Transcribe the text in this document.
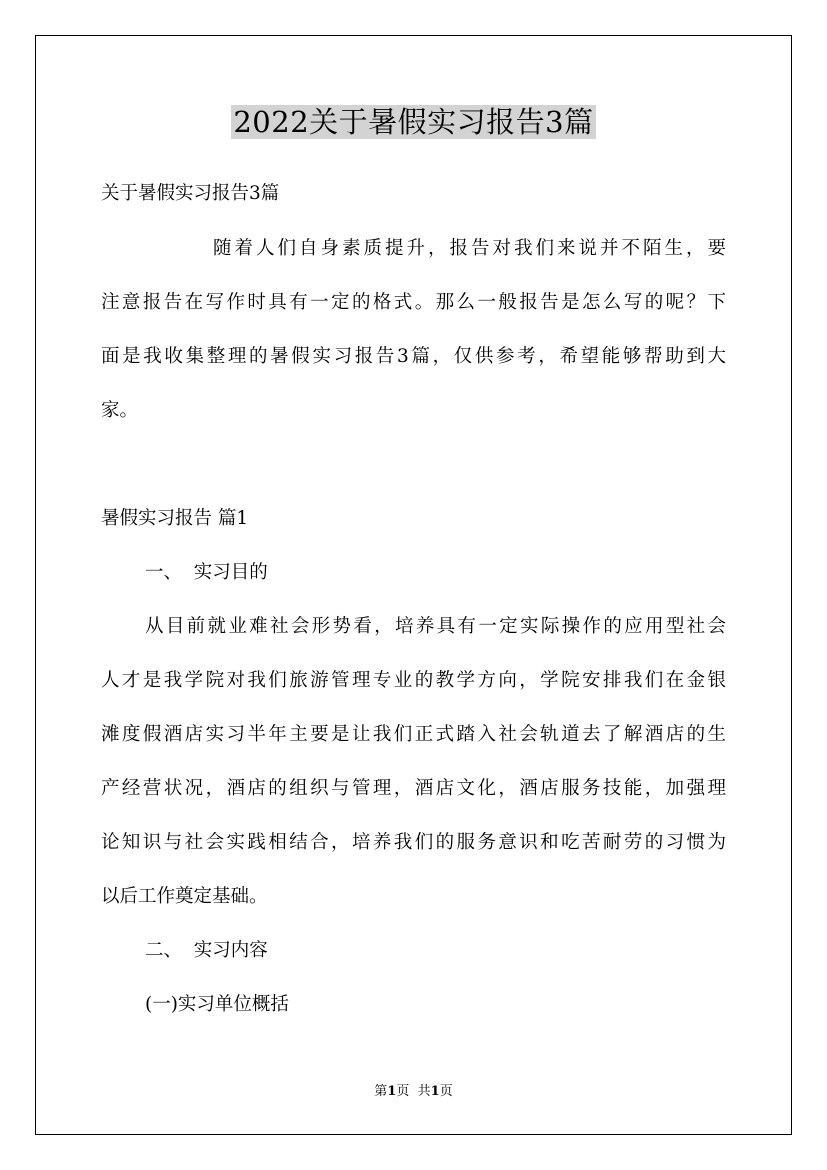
2022关于暑假实习报告3篇
关于暑假实习报告3篇
随着人们自身素质提升，报告对我们来说并不陌生，要
注意报告在写作时具有一定的格式。那么一般报告是怎么写的呢？下
面是我收集整理的暑假实习报告3篇，仅供参考，希望能够帮助到大
家。
暑假实习报告 篇1
一、  实习目的
从目前就业难社会形势看，培养具有一定实际操作的应用型社会
人才是我学院对我们旅游管理专业的教学方向，学院安排我们在金银
滩度假酒店实习半年主要是让我们正式踏入社会轨道去了解酒店的生
产经营状况，酒店的组织与管理，酒店文化，酒店服务技能，加强理
论知识与社会实践相结合，培养我们的服务意识和吃苦耐劳的习惯为
以后工作奠定基础。
二、  实习内容
(一)实习单位概括
第1页 共1页
